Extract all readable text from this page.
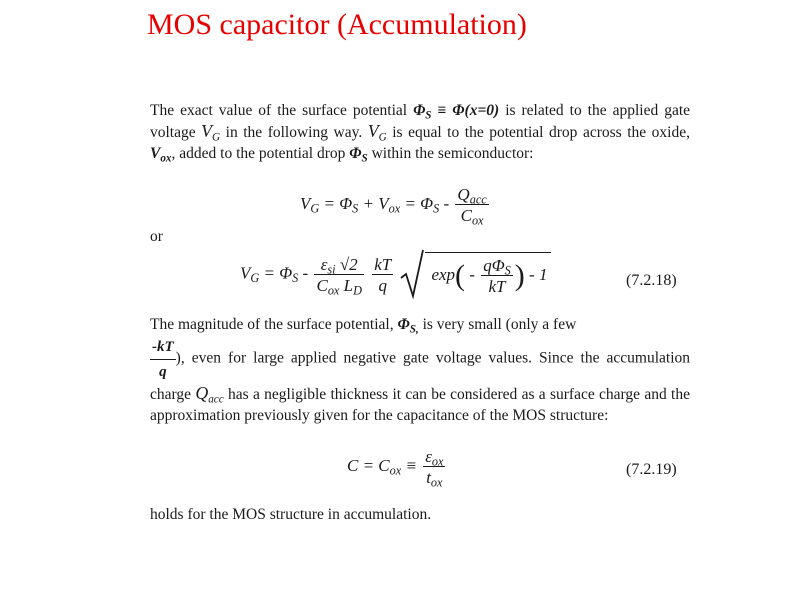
MOS capacitor (Accumulation)
The exact value of the surface potential $\Phi_S \equiv \Phi(x=0)$ is related to the applied gate voltage $V_G$ in the following way. $V_G$ is equal to the potential drop across the oxide, $V_{ox}$, added to the potential drop $\Phi_S$ within the semiconductor:
$V_G = \Phi_S + V_{ox} = \Phi_S - \frac{Q_{acc}}{C_{ox}}$
or
$V_G = \Phi_S - \frac{\varepsilon_{si} √2}{C_{ox} L_D}$
$\frac{kT}{q}$
$\exp( - \frac{q\Phi_S}{kT}$ ) - 1	(7.2.18)
The magnitude of the surface potential, $\Phi_{S,}$ is very small (only a few

$\frac{-kT}{q}$ ), even for large applied negative gate voltage values. Since the accumulation charge $Q_{acc}$ has a negligible thickness it can be considered as a surface charge and the approximation previously given for the capacitance of the MOS structure:
$C = C_{ox} \equiv \frac{\varepsilon_{ox}}{t_{ox}}$	(7.2.19)
holds for the MOS structure in accumulation.
